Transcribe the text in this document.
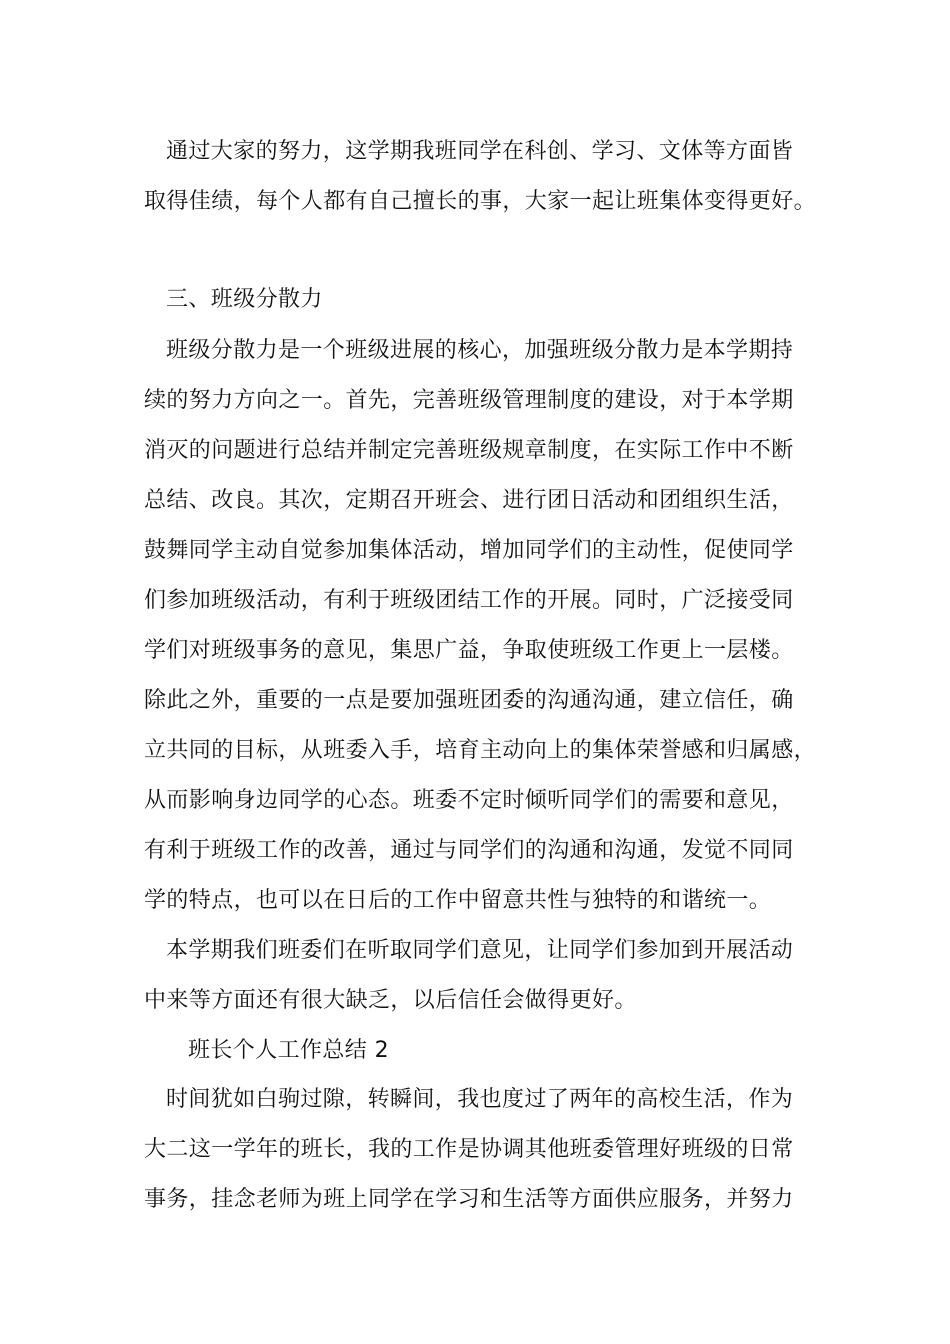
通过大家的努力，这学期我班同学在科创、学习、文体等方面皆
取得佳绩，每个人都有自己擅长的事，大家一起让班集体变得更好。
三、班级分散力
班级分散力是一个班级进展的核心，加强班级分散力是本学期持
续的努力方向之一。首先，完善班级管理制度的建设，对于本学期
消灭的问题进行总结并制定完善班级规章制度，在实际工作中不断
总结、改良。其次，定期召开班会、进行团日活动和团组织生活，
鼓舞同学主动自觉参加集体活动，增加同学们的主动性，促使同学
们参加班级活动，有利于班级团结工作的开展。同时，广泛接受同
学们对班级事务的意见，集思广益，争取使班级工作更上一层楼。
除此之外，重要的一点是要加强班团委的沟通沟通，建立信任，确
立共同的目标，从班委入手，培育主动向上的集体荣誉感和归属感，
从而影响身边同学的心态。班委不定时倾听同学们的需要和意见，
有利于班级工作的改善，通过与同学们的沟通和沟通，发觉不同同
学的特点，也可以在日后的工作中留意共性与独特的和谐统一。
本学期我们班委们在听取同学们意见，让同学们参加到开展活动
中来等方面还有很大缺乏，以后信任会做得更好。
班长个人工作总结 2
时间犹如白驹过隙，转瞬间，我也度过了两年的高校生活，作为
大二这一学年的班长，我的工作是协调其他班委管理好班级的日常
事务，挂念老师为班上同学在学习和生活等方面供应服务，并努力
